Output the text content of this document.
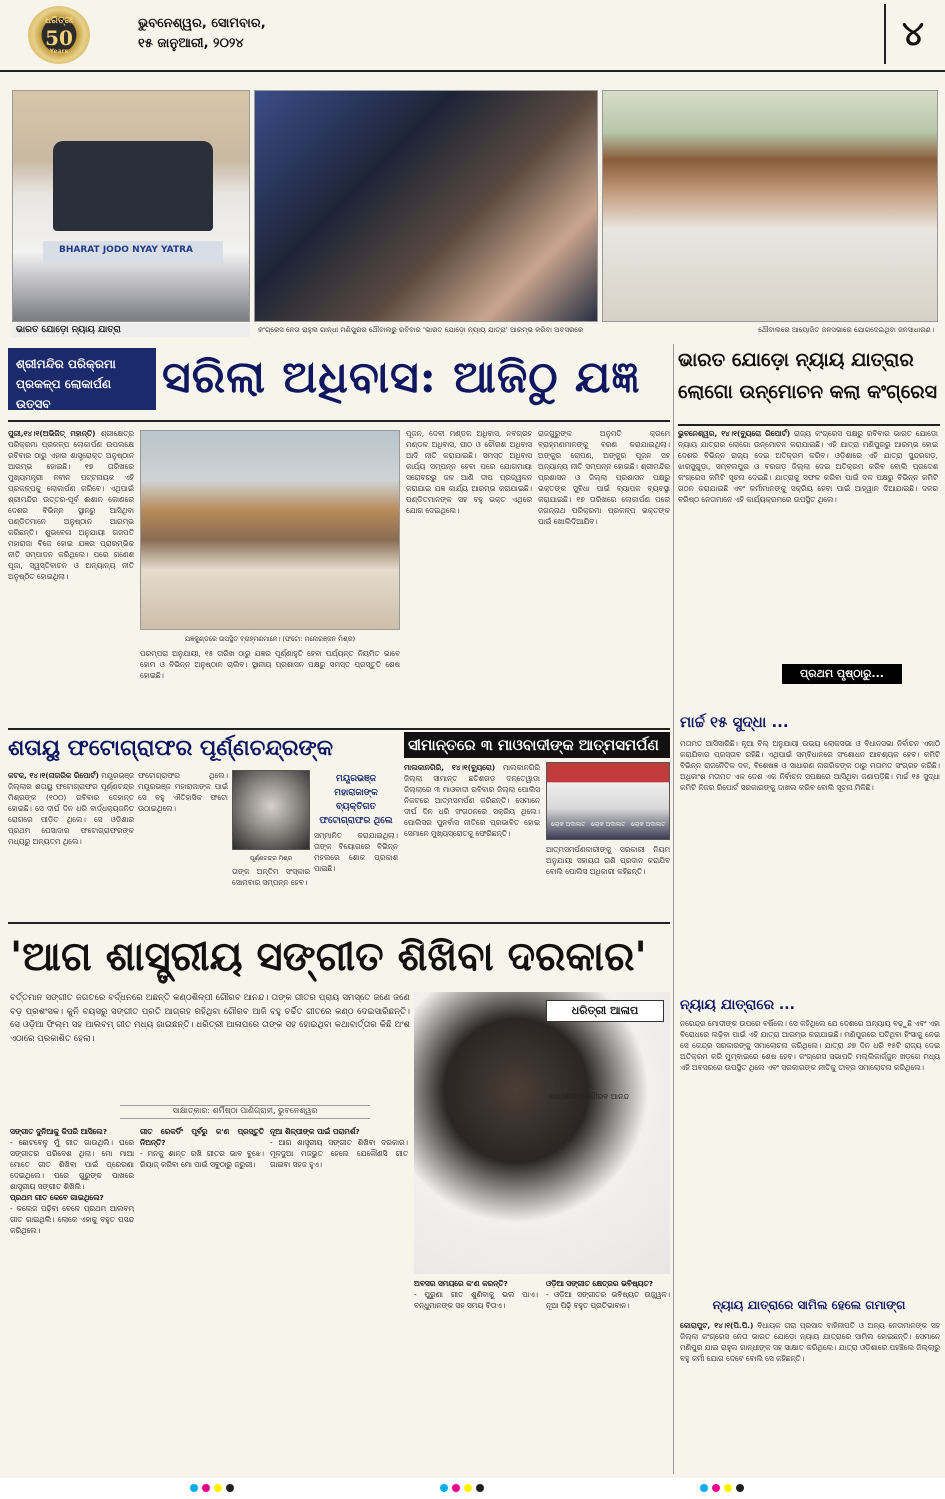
ଧରିତ୍ରୀ
50
Years
ଭୁବନେଶ୍ୱର, ସୋମବାର,
୧୫ ଜାନୁଆରୀ, ୨୦୨୪	୪
BHARAT JODO NYAY YATRA
ଭାରତ ଯୋଡ଼ୋ ନ୍ୟାୟ ଯାତ୍ରା	କଂଗ୍ରେସ ନେତା ରାହୁଲ ଗାନ୍ଧୀ ମଣିପୁରର ଥୌବାଲରୁ ରବିବାର 'ଭାରତ ଯୋଡ଼ୋ ନ୍ୟାୟ ଯାତ୍ରା' ଆରମ୍ଭ କରିବା ଅବସରରେ	ଥୌବାଲରେ ଆୟୋଜିତ ଜନସଭାରେ ଯୋଗଦେଇଥିବା ଜନସାଧାରଣ।
ଶ୍ରୀମନ୍ଦିର ପରିକ୍ରମା ପ୍ରକଳ୍ପ ଲୋକାର୍ପଣ ଉତ୍ସବ
ସରିଲା ଅଧିବାସ: ଆଜିଠୁ ଯଜ୍ଞ	ଭାରତ ଯୋଡ଼ୋ ନ୍ୟାୟ ଯାତ୍ରାର ଲୋଗୋ ଉନ୍ମୋଚନ କଲା କଂଗ୍ରେସ
ପୁରୀ,୧୪।୧(ଅଭିଜିତ୍ ମହାନ୍ତି) ଶ୍ରୀକ୍ଷେତ୍ର ପରିକ୍ରମା ପ୍ରକଳ୍ପ ଲୋକାର୍ପଣ ଉପଲକ୍ଷେ ରବିବାର ଠାରୁ ଏହାର ଶାସ୍ତ୍ରୋକ୍ତ ଅନୁଷ୍ଠାନ ଆରମ୍ଭ ହୋଇଛି। ୧୭ ତାରିଖରେ ମୁଖ୍ୟମନ୍ତ୍ରୀ ନବୀନ ପଟ୍ଟନାୟକ ଏହି ପ୍ରକଳ୍ପକୁ ଲୋକାର୍ପଣ କରିବେ। ଏଥିପାଇଁ ଶ୍ରୀମନ୍ଦିର ଉତ୍ତର-ପୂର୍ବ ଈଶାନ କୋଣରେ ଦେଶର ବିଭିନ୍ନ ସ୍ଥାନରୁ ଆସିଥିବା ପଣ୍ଡିତମାନେ ଅନୁଷ୍ଠାନ ଆରମ୍ଭ କରିଛନ୍ତି। ଶୁଭବେଳା ଅନୁଯାୟୀ ଗଜପତି ମହାରାଜା ବିଜେ ହୋଇ ଯଜ୍ଞର ପ୍ରାରମ୍ଭିକ ନୀତି ସମ୍ପାଦନ କରିଥିଲେ। ପରେ ଗଣେଶ ପୂଜା, ସ୍ୱସ୍ତିବାଚନ ଓ ଅନ୍ୟାନ୍ୟ ନୀତି ଅନୁଷ୍ଠିତ ହୋଇଥିଲା।
ଯଜ୍ଞକୁଣ୍ଡରେ ଉପସ୍ଥିତ ବ୍ରାହ୍ମଣମାନେ। (ଫଟୋ: ମନୋରଞ୍ଜନ ମିଶ୍ର)
ପରମ୍ପରା ଅନୁଯାୟୀ, ୧୫ ତାରିଖ ଠାରୁ ଯଜ୍ଞର ପୂର୍ଣ୍ଣାହୁତି ହେବା ପର୍ଯ୍ୟନ୍ତ ନିୟମିତ ଭାବେ ହୋମ ଓ ବିଭିନ୍ନ ଅନୁଷ୍ଠାନ ଚାଲିବ। ସ୍ଥାନୀୟ ପ୍ରଶାସନ ପକ୍ଷରୁ ସମସ୍ତ ପ୍ରସ୍ତୁତି ଶେଷ ହୋଇଛି।
ପୂଜନ, ଦେବୀ ମଣ୍ଡଳ ଅଧିବାସ, ନବଗ୍ରହ ମଣ୍ଡଳ ଅଧିବାସ, ପୀଠ ଓ ଚୌରଶ ଅଧିବାସ ଆଦି ନୀତି କରାଯାଇଛି। ସମସ୍ତ ଅଧିବାସ କାର୍ଯ୍ୟ ସମ୍ପନ୍ନ ହେବା ପରେ ଯୋଗମାୟା ସରୋବରରୁ ଜଳ ଆଣି ଦୀପ ପ୍ରଜ୍ୱଳନ କରାଯାଇ ଯଜ୍ଞ କାର୍ଯ୍ୟ ଆରମ୍ଭ କରାଯାଇଛି। ପଣ୍ଡିତମାନଙ୍କ ସହ ବହୁ ଭକ୍ତ ଏଥିରେ ଯୋଗ ଦେଇଥିଲେ।
ରାଜଗୁରୁଙ୍କ ଅନୁମତି କ୍ରମେ ବ୍ରାହ୍ମଣମାନଙ୍କୁ ବରଣ କରାଯାଇଥିଲା। ଅଙ୍କୁର ରୋପଣ, ଅଙ୍କୁର ପୂଜନ ସହ ଅନ୍ୟାନ୍ୟ ନୀତି ସମ୍ପନ୍ନ ହୋଇଛି। ଶ୍ରୀମନ୍ଦିର ପ୍ରଶାସନ ଓ ଜିଲ୍ଲା ପ୍ରଶାସନ ପକ୍ଷରୁ ଭକ୍ତଙ୍କ ସୁବିଧା ପାଇଁ ବ୍ୟାପକ ବ୍ୟବସ୍ଥା କରାଯାଇଛି। ୧୭ ତାରିଖରେ ଲୋକାର୍ପଣ ପରେ ଜଗନ୍ନାଥ ପରିକ୍ରମା ପ୍ରକଳ୍ପ ଭକ୍ତଙ୍କ ପାଇଁ ଖୋଲିଦିଆଯିବ।
ଭୁବନେଶ୍ୱର, ୧୪।୧(ବ୍ୟୁରୋ ରିପୋର୍ଟ) ରାଜ୍ୟ କଂଗ୍ରେସ ପକ୍ଷରୁ ରବିବାର ଭାରତ ଯୋଡ଼ୋ ନ୍ୟାୟ ଯାତ୍ରାର ଲୋଗୋ ଉନ୍ମୋଚନ କରାଯାଇଛି। ଏହି ଯାତ୍ରା ମଣିପୁରରୁ ଆରମ୍ଭ ହୋଇ ଦେଶର ବିଭିନ୍ନ ରାଜ୍ୟ ଦେଇ ଅତିକ୍ରମ କରିବ। ଓଡ଼ିଶାରେ ଏହି ଯାତ୍ରା ସୁନ୍ଦରଗଡ଼, ଝାରସୁଗୁଡ଼ା, ସମ୍ବଲପୁର ଓ ବରଗଡ଼ ଜିଲ୍ଲା ଦେଇ ଅତିକ୍ରମ କରିବ ବୋଲି ପ୍ରଦେଶ କଂଗ୍ରେସ କମିଟି ସୂଚନା ଦେଇଛି। ଯାତ୍ରାକୁ ସଫଳ କରିବା ପାଇଁ ଦଳ ପକ୍ଷରୁ ବିଭିନ୍ନ କମିଟି ଗଠନ କରାଯାଇଛି ଏବଂ କର୍ମୀମାନଙ୍କୁ ସକ୍ରିୟ ହେବା ପାଇଁ ଆହ୍ୱାନ ଦିଆଯାଇଛି। ଦଳର ବରିଷ୍ଠ ନେତାମାନେ ଏହି କାର୍ଯ୍ୟକ୍ରମରେ ଉପସ୍ଥିତ ଥିଲେ।
ପ୍ରଥମ ପୃଷ୍ଠାରୁ...
ଶତାୟୁ ଫଟୋଗ୍ରାଫର ପୂର୍ଣ୍ଣଚନ୍ଦ୍ରଙ୍କ
କଟକ, ୧୪।୧(ନାଗରିକ ରିପୋର୍ଟ) ମୟୂରଭଞ୍ଜ ଜିଲ୍ଲାର ଶତାୟୁ ଫଟୋଗ୍ରାଫର ପୂର୍ଣ୍ଣଚନ୍ଦ୍ର ମିଶ୍ରଙ୍କ (୧୦୦) ରବିବାର ଦେହାନ୍ତ ହୋଇଛି। ସେ ଦୀର୍ଘ ଦିନ ଧରି ବାର୍ଦ୍ଧକ୍ୟଜନିତ ରୋଗରେ ପୀଡ଼ିତ ଥିଲେ। ସେ ଓଡ଼ିଶାର ପ୍ରଥମ ପେସାଦାର ଫଟୋଗ୍ରାଫରଙ୍କ ମଧ୍ୟରୁ ଅନ୍ୟତମ ଥିଲେ।
ଫଟୋଗ୍ରାଫର ଥିଲେ। ମୟୂରଭଞ୍ଜ ମହାରାଜାଙ୍କ ପାଇଁ ସେ ବହୁ ଐତିହାସିକ ଫଟୋ ଉଠାଇଥିଲେ।
ପୂର୍ଣ୍ଣଚନ୍ଦ୍ର ମିଶ୍ର
ମୟୂରଭଞ୍ଜ ମହାରାଜାଙ୍କ ବ୍ୟକ୍ତିଗତ ଫଟୋଗ୍ରାଫର ଥିଲେ
ସମ୍ମାନିତ କରାଯାଇଥିଲା। ତାଙ୍କ ବିୟୋଗରେ ବିଭିନ୍ନ ମହଲରେ ଶୋକ ପ୍ରକାଶ ପାଇଛି।
ତାଙ୍କ ଅନ୍ତିମ ସଂସ୍କାର ସୋମବାର ସମ୍ପନ୍ନ ହେବ।
ସୀମାନ୍ତରେ ୩ ମାଓବାଦୀଙ୍କ ଆତ୍ମସମର୍ପଣ
ମାଲକାନଗିରି, ୧୪।୧(ବ୍ୟୁରୋ) ମାଲକାନଗିରି ଜିଲ୍ଲା ସୀମାନ୍ତ ଛତିଶଗଡ଼ ଦନ୍ତେୱାଡ଼ା ଜିଲ୍ଲାରେ ୩ ମାଓବାଦୀ ରବିବାର ଜିଲ୍ଲା ପୋଲିସ ନିକଟରେ ଆତ୍ମସମର୍ପଣ କରିଛନ୍ତି। ସେମାନେ ଦୀର୍ଘ ଦିନ ଧରି ସଂଗଠନରେ ସକ୍ରିୟ ଥିଲେ। ପୋଲିସର ପୁନର୍ବାସ ନୀତିରେ ପ୍ରଭାବିତ ହୋଇ ସେମାନେ ମୁଖ୍ୟସ୍ରୋତକୁ ଫେରିଛନ୍ତି।
ଲୋକ ଅଦାଲତ ଲୋକ ଅଦାଲତ ଲୋକ ଅଦାଲତ
ଆତ୍ମସମର୍ପଣକାରୀଙ୍କୁ ସରକାରୀ ନିୟମ ଅନୁଯାୟୀ ସହାୟତା ରାଶି ପ୍ରଦାନ କରାଯିବ ବୋଲି ପୋଲିସ ଅଧିକାରୀ କହିଛନ୍ତି।
'ଆଗ ଶାସ୍ତ୍ରୀୟ ସଙ୍ଗୀତ ଶିଖିବା ଦରକାର'
ବର୍ତ୍ତମାନ ସଙ୍ଗୀତ ଜଗତରେ ବର୍ଦ୍ଧନରେ ଅଛନ୍ତି କଣ୍ଠଶିଳ୍ପୀ ଗୌରବ ଆନନ୍ଦ। ତାଙ୍କ ଗୀତର ପ୍ରାୟ ସମସ୍ତେ ଜଣେ ଜଣେ ବଡ଼ ପ୍ରଶଂସକ। କୁନି ବୟସରୁ ସଙ୍ଗୀତ ପ୍ରତି ଆଗ୍ରହ ରହିଥିବା ଗୌରବ ଆଜି ବହୁ ଚର୍ଚ୍ଚିତ ଗୀତରେ କଣ୍ଠ ଦେଇସାରିଛନ୍ତି। ସେ ଓଡ଼ିଆ ଫିଲ୍ମ ସହ ଆଲବମ୍ ଗୀତ ମଧ୍ୟ ଗାଇଛନ୍ତି। ଧରିତ୍ରୀ ଆଳାପରେ ତାଙ୍କ ସହ ହୋଇଥିବା କଥାବାର୍ତ୍ତାର କିଛି ଅଂଶ ଏଠାରେ ପ୍ରକାଶିତ ହେଲା।
ସାକ୍ଷାତ୍‌କାର: ଶର୍ମିଷ୍ଠା ପାଣିଗ୍ରାହୀ, ଭୁବନେଶ୍ୱର
ଧରିତ୍ରୀ ଆଳାପ
କଣ୍ଠଶିଳ୍ପୀ ଗୌରବ ଆନନ୍ଦ
ସଙ୍ଗୀତ ଦୁନିଆକୁ କିପରି ଆସିଲେ?
- ଛୋଟବେଳୁ ମୁଁ ଗୀତ ଗାଉଥିଲି। ଘରେ ସଙ୍ଗୀତର ପରିବେଶ ଥିଲା। ମୋ ମାଆ ମୋତେ ଗୀତ ଶିଖିବା ପାଇଁ ପ୍ରେରଣା ଦେଇଥିଲେ। ପରେ ଗୁରୁଙ୍କ ପାଖରେ ଶାସ୍ତ୍ରୀୟ ସଙ୍ଗୀତ ଶିଖିଲି।
ପ୍ରଥମ ଗୀତ କେବେ ଗାଇଥିଲେ?
- କଲେଜ ପଢ଼ିବା ବେଳେ ପ୍ରଥମ ଆଲବମ୍ ଗୀତ ଗାଇଥିଲି। ଲୋକେ ଏହାକୁ ବହୁତ ପସନ୍ଦ କରିଥିଲେ।
ଗୀତ ରେକର୍ଡିଂ ପୂର୍ବରୁ କ'ଣ ପ୍ରସ୍ତୁତି ନିଅନ୍ତି?
- ମନକୁ ଶାନ୍ତ ରଖି ଗୀତର ଭାବ ବୁଝେ। ରିୟାଜ୍ କରିବା ମୋ ପାଇଁ ସବୁଠାରୁ ଜରୁରୀ।
ନୂଆ ଶିଳ୍ପୀଙ୍କ ପାଇଁ ପରାମର୍ଶ?
- ଆଗ ଶାସ୍ତ୍ରୀୟ ସଙ୍ଗୀତ ଶିଖିବା ଦରକାର। ମୂଳଦୁଆ ମଜଭୁତ ହେଲେ ଯେକୌଣସି ଗୀତ ଗାଇବା ସହଜ ହୁଏ।
ଅବସର ସମୟରେ କ'ଣ କରନ୍ତି?
- ପୁରୁଣା ଗୀତ ଶୁଣିବାକୁ ଭଲ ପାଏ। ବନ୍ଧୁମାନଙ୍କ ସହ ସମୟ ବିତାଏ।
ଓଡ଼ିଆ ସଙ୍ଗୀତ କ୍ଷେତ୍ରର ଭବିଷ୍ୟତ?
- ଓଡ଼ିଆ ସଙ୍ଗୀତର ଭବିଷ୍ୟତ ଉଜ୍ଜ୍ୱଳ। ନୂଆ ପିଢ଼ି ବହୁତ ପ୍ରତିଭାବାନ।
ମାର୍ଚ୍ଚ ୧୫ ସୁଦ୍ଧା ...
ମତାମତ ଆସିସାରିଛି। ନୂଆ ବିଲ୍ ଅନୁଯାୟୀ ଉଭୟ ଲୋକସଭା ଓ ବିଧାନସଭା ନିର୍ବାଚନ ଏକାଠି କରାଯିବାର ପ୍ରସ୍ତାବ ରହିଛି। ଏଥିପାଇଁ ସମ୍ବିଧାନରେ ସଂଶୋଧନ ଆବଶ୍ୟକ ହେବ। କମିଟି ବିଭିନ୍ନ ରାଜନୈତିକ ଦଳ, ବିଶେଷଜ୍ଞ ଓ ସାଧାରଣ ନାଗରିକଙ୍କ ଠାରୁ ମତାମତ ସଂଗ୍ରହ କରିଛି। ଅଧିକାଂଶ ମତାମତ ଏକ ଦେଶ ଏକ ନିର୍ବାଚନ ସପକ୍ଷରେ ଆସିଥିବା ଜଣାପଡ଼ିଛି। ମାର୍ଚ୍ଚ ୧୫ ସୁଦ୍ଧା କମିଟି ନିଜର ରିପୋର୍ଟ ସରକାରଙ୍କୁ ଦାଖଲ କରିବ ବୋଲି ସୂଚନା ମିଳିଛି।
ନ୍ୟାୟ ଯାତ୍ରାରେ ...
ନରେନ୍ଦ୍ର ମୋଦୀଙ୍କ ଉପରେ ବର୍ଷିଲେ। ସେ କହିଥିଲେ ଯେ ଦେଶରେ ଅନ୍ୟାୟ ବଢ଼ୁଛି ଏବଂ ଏହା ବିରୋଧରେ ଲଢ଼ିବା ପାଇଁ ଏହି ଯାତ୍ରା ଆରମ୍ଭ କରାଯାଇଛି। ମଣିପୁରରେ ଘଟିଥିବା ହିଂସାକୁ ନେଇ ସେ କେନ୍ଦ୍ର ସରକାରଙ୍କୁ ସମାଲୋଚନା କରିଥିଲେ। ଯାତ୍ରା ୬୭ ଦିନ ଧରି ୧୫ଟି ରାଜ୍ୟ ଦେଇ ଅତିକ୍ରମ କରି ମୁମ୍ବାଇରେ ଶେଷ ହେବ। କଂଗ୍ରେସ ସଭାପତି ମଲ୍ଲିକାର୍ଜ୍ଜୁନ ଖଡ଼ଗେ ମଧ୍ୟ ଏହି ଅବସରରେ ଉପସ୍ଥିତ ଥିଲେ ଏବଂ ସରକାରଙ୍କ ନୀତିକୁ ତୀବ୍ର ସମାଲୋଚନା କରିଥିଲେ।
ନ୍ୟାୟ ଯାତ୍ରାରେ ସାମିଲ ହେଲେ ଗମାଙ୍ଗ
କୋରାପୁଟ, ୧୪।୧(ପି.ପି.) ବିଧାୟକ ତାରା ପ୍ରସାଦ ବାହିନୀପତି ଓ ଅନ୍ୟ ନେତାମାନଙ୍କ ସହ ଜିଲ୍ଲା କଂଗ୍ରେସ ନେତା ଭାରତ ଯୋଡ଼ୋ ନ୍ୟାୟ ଯାତ୍ରାରେ ସାମିଲ ହୋଇଛନ୍ତି। ସେମାନେ ମଣିପୁର ଯାଇ ରାହୁଲ ଗାନ୍ଧୀଙ୍କ ସହ ସାକ୍ଷାତ କରିଥିଲେ। ଯାତ୍ରା ଓଡ଼ିଶାରେ ପହଞ୍ଚିଲେ ଜିଲ୍ଲାରୁ ବହୁ କର୍ମୀ ଯୋଗ ଦେବେ ବୋଲି ସେ କହିଛନ୍ତି।
